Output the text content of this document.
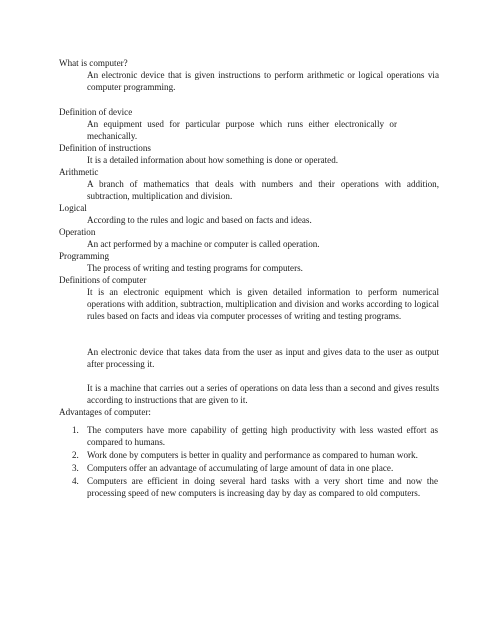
What is computer?
An electronic device that is given instructions to perform arithmetic or logical operations via computer programming.
Definition of device
An equipment used for particular purpose which runs either electronically or mechanically.
Definition of instructions
It is a detailed information about how something is done or operated.
Arithmetic
A branch of mathematics that deals with numbers and their operations with addition, subtraction, multiplication and division.
Logical
According to the rules and logic and based on facts and ideas.
Operation
An act performed by a machine or computer is called operation.
Programming
The process of writing and testing programs for computers.
Definitions of computer
It is an electronic equipment which is given detailed information to perform numerical operations with addition, subtraction, multiplication and division and works according to logical rules based on facts and ideas via computer processes of writing and testing programs.
An electronic device that takes data from the user as input and gives data to the user as output after processing it.
It is a machine that carries out a series of operations on data less than a second and gives results according to instructions that are given to it.
Advantages of computer:
1. The computers have more capability of getting high productivity with less wasted effort as compared to humans.
2. Work done by computers is better in quality and performance as compared to human work.
3. Computers offer an advantage of accumulating of large amount of data in one place.
4. Computers are efficient in doing several hard tasks with a very short time and now the processing speed of new computers is increasing day by day as compared to old computers.
